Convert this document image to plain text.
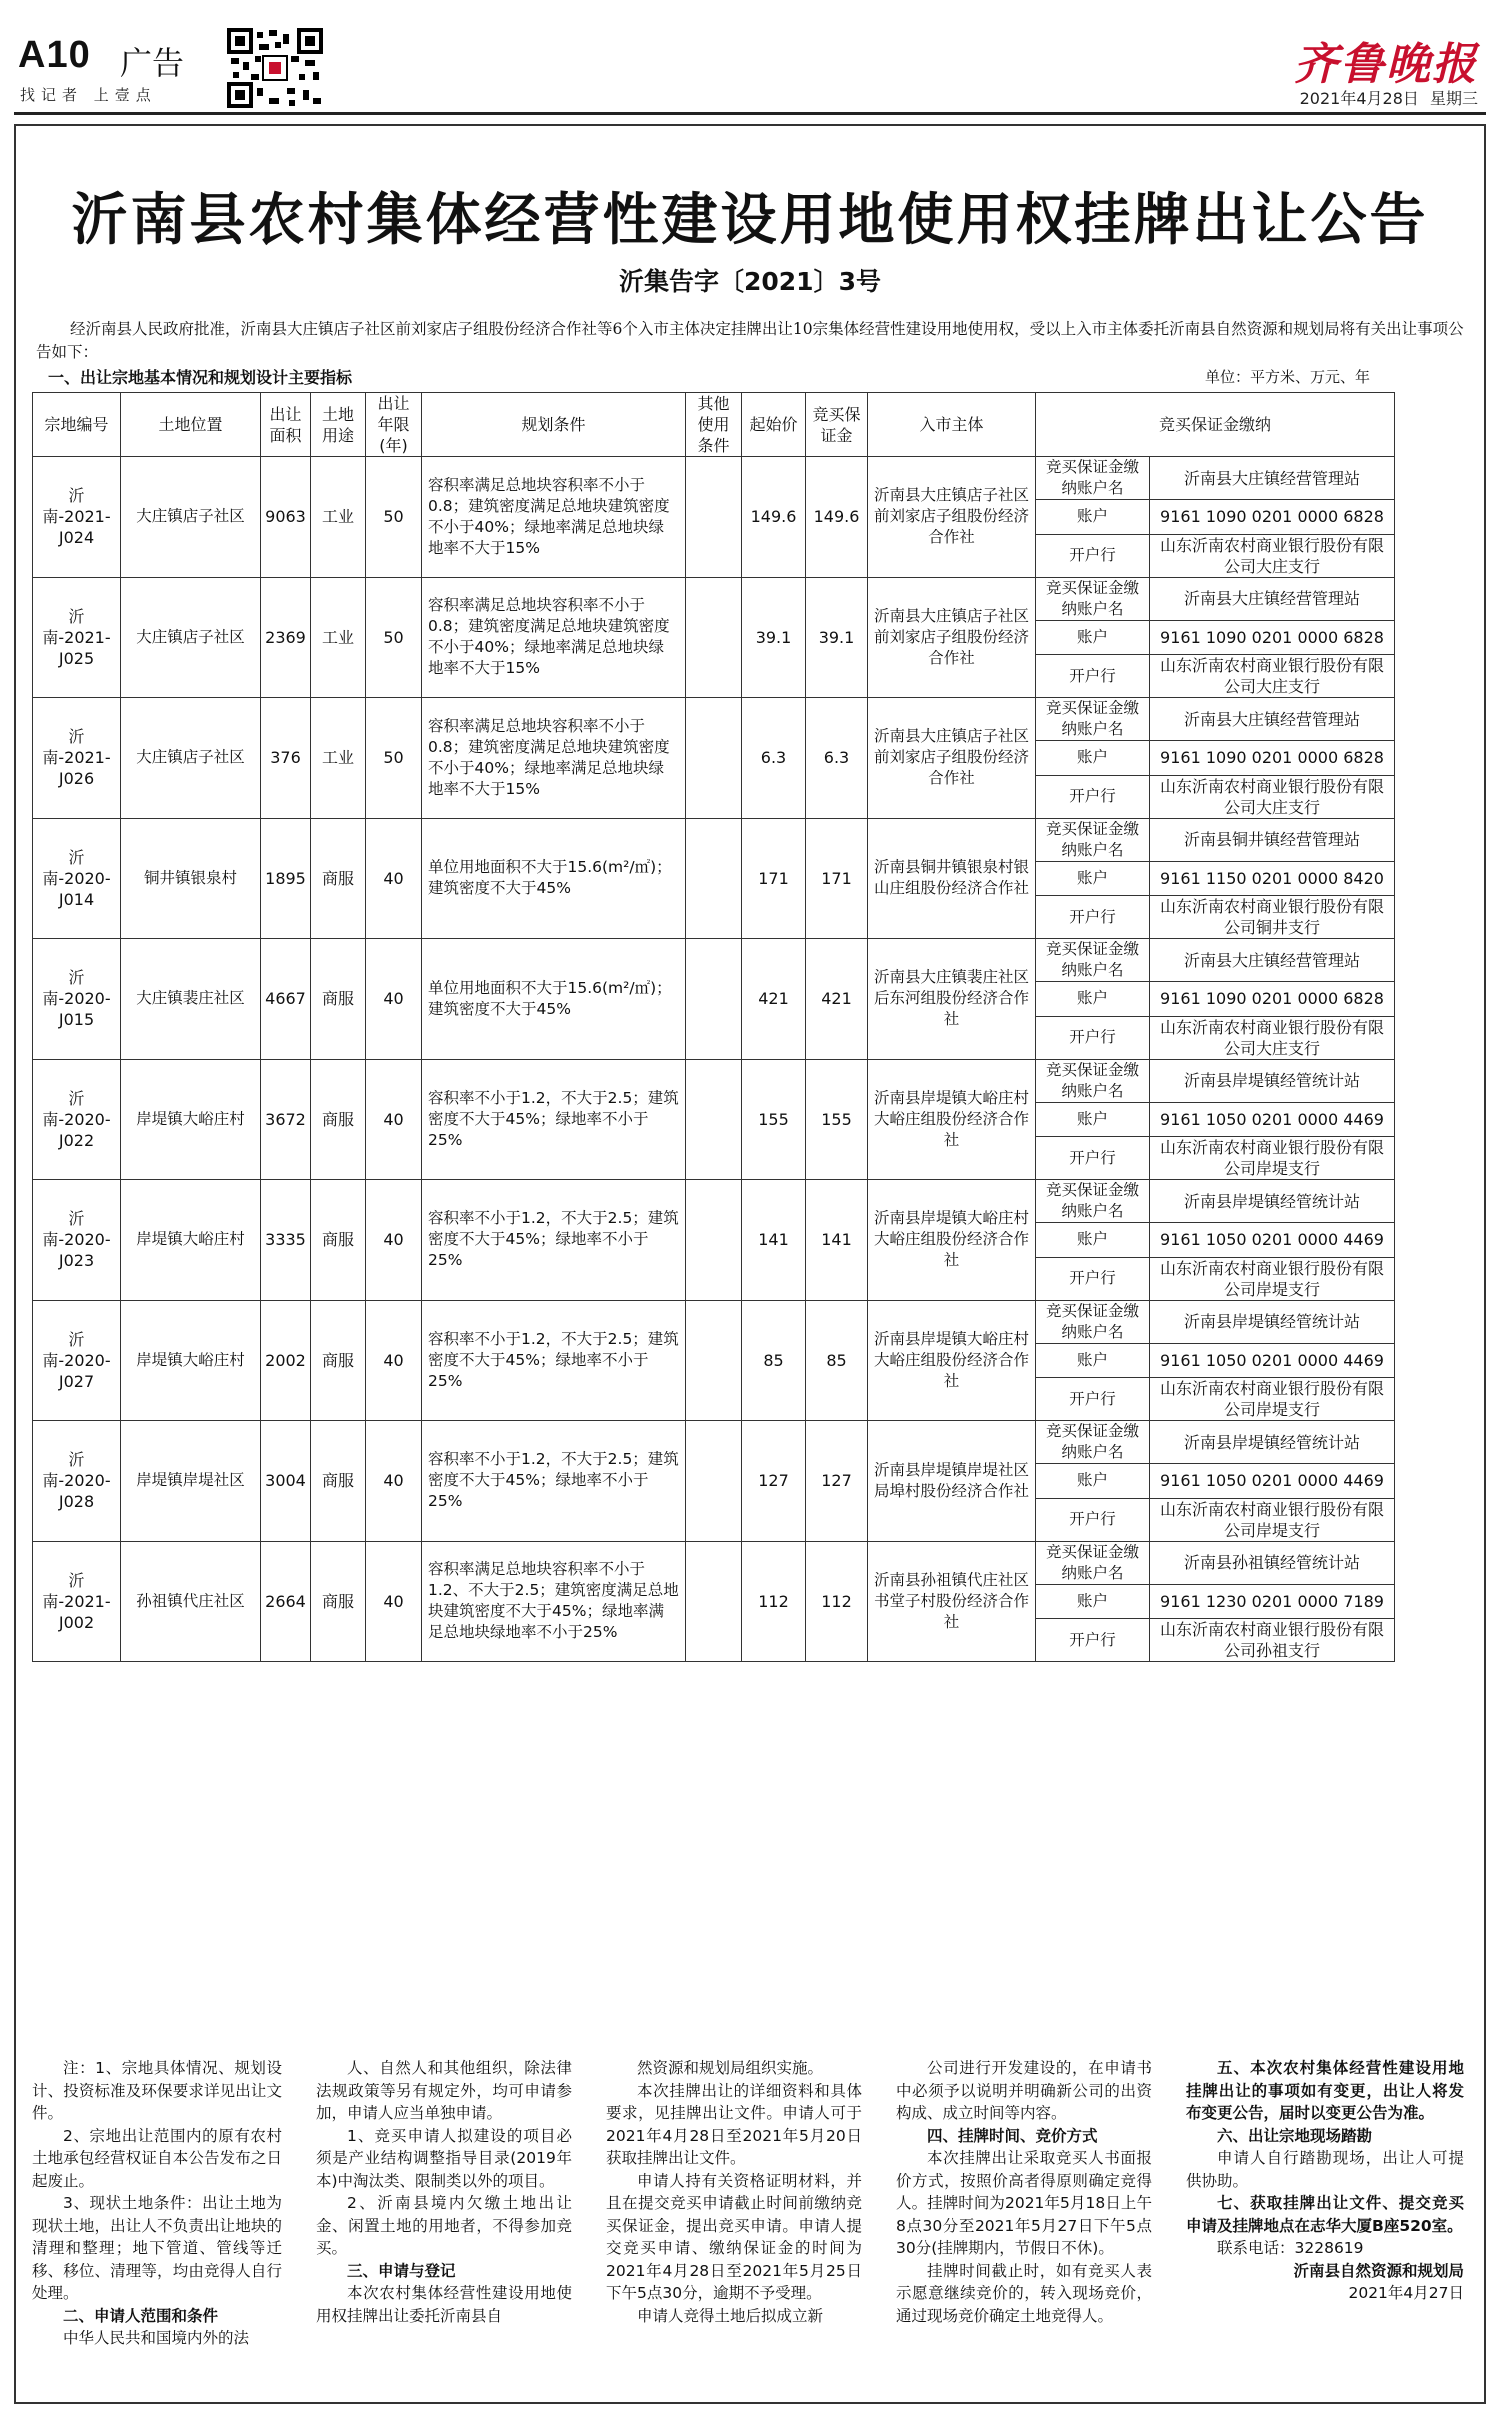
A10 广告
找记者 上壹点
齐鲁晚报
2021年4月28日 星期三
沂南县农村集体经营性建设用地使用权挂牌出让公告
沂集告字〔2021〕3号
经沂南县人民政府批准，沂南县大庄镇店子社区前刘家店子组股份经济合作社等6个入市主体决定挂牌出让10宗集体经营性建设用地使用权，受以上入市主体委托沂南县自然资源和规划局将有关出让事项公告如下：
一、出让宗地基本情况和规划设计主要指标	单位：平方米、万元、年
宗地编号	土地位置	出让面积	土地用途	出让年限(年)	规划条件	其他使用条件	起始价	竞买保证金	入市主体	竞买保证金缴纳	
沂南-2021-J024	大庄镇店子社区	9063	工业	50	容积率满足总地块容积率不小于0.8；建筑密度满足总地块建筑密度不小于40%；绿地率满足总地块绿地率不大于15%		149.6	149.6	沂南县大庄镇店子社区前刘家店子组股份经济合作社	竞买保证金缴纳账户名	沂南县大庄镇经营管理站
										账户	9161 1090 0201 0000 6828
										开户行	山东沂南农村商业银行股份有限公司大庄支行
沂南-2021-J025	大庄镇店子社区	2369	工业	50	容积率满足总地块容积率不小于0.8；建筑密度满足总地块建筑密度不小于40%；绿地率满足总地块绿地率不大于15%		39.1	39.1	沂南县大庄镇店子社区前刘家店子组股份经济合作社	竞买保证金缴纳账户名	沂南县大庄镇经营管理站
										账户	9161 1090 0201 0000 6828
										开户行	山东沂南农村商业银行股份有限公司大庄支行
沂南-2021-J026	大庄镇店子社区	376	工业	50	容积率满足总地块容积率不小于0.8；建筑密度满足总地块建筑密度不小于40%；绿地率满足总地块绿地率不大于15%		6.3	6.3	沂南县大庄镇店子社区前刘家店子组股份经济合作社	竞买保证金缴纳账户名	沂南县大庄镇经营管理站
										账户	9161 1090 0201 0000 6828
										开户行	山东沂南农村商业银行股份有限公司大庄支行
沂南-2020-J014	铜井镇银泉村	1895	商服	40	单位用地面积不大于15.6(m²/㎡)；建筑密度不大于45%		171	171	沂南县铜井镇银泉村银山庄组股份经济合作社	竞买保证金缴纳账户名	沂南县铜井镇经营管理站
										账户	9161 1150 0201 0000 8420
										开户行	山东沂南农村商业银行股份有限公司铜井支行
沂南-2020-J015	大庄镇裴庄社区	4667	商服	40	单位用地面积不大于15.6(m²/㎡)；建筑密度不大于45%		421	421	沂南县大庄镇裴庄社区后东河组股份经济合作社	竞买保证金缴纳账户名	沂南县大庄镇经营管理站
										账户	9161 1090 0201 0000 6828
										开户行	山东沂南农村商业银行股份有限公司大庄支行
沂南-2020-J022	岸堤镇大峪庄村	3672	商服	40	容积率不小于1.2，不大于2.5；建筑密度不大于45%；绿地率不小于25%		155	155	沂南县岸堤镇大峪庄村大峪庄组股份经济合作社	竞买保证金缴纳账户名	沂南县岸堤镇经管统计站
										账户	9161 1050 0201 0000 4469
										开户行	山东沂南农村商业银行股份有限公司岸堤支行
沂南-2020-J023	岸堤镇大峪庄村	3335	商服	40	容积率不小于1.2，不大于2.5；建筑密度不大于45%；绿地率不小于25%		141	141	沂南县岸堤镇大峪庄村大峪庄组股份经济合作社	竞买保证金缴纳账户名	沂南县岸堤镇经管统计站
										账户	9161 1050 0201 0000 4469
										开户行	山东沂南农村商业银行股份有限公司岸堤支行
沂南-2020-J027	岸堤镇大峪庄村	2002	商服	40	容积率不小于1.2，不大于2.5；建筑密度不大于45%；绿地率不小于25%		85	85	沂南县岸堤镇大峪庄村大峪庄组股份经济合作社	竞买保证金缴纳账户名	沂南县岸堤镇经管统计站
										账户	9161 1050 0201 0000 4469
										开户行	山东沂南农村商业银行股份有限公司岸堤支行
沂南-2020-J028	岸堤镇岸堤社区	3004	商服	40	容积率不小于1.2，不大于2.5；建筑密度不大于45%；绿地率不小于25%		127	127	沂南县岸堤镇岸堤社区局埠村股份经济合作社	竞买保证金缴纳账户名	沂南县岸堤镇经管统计站
										账户	9161 1050 0201 0000 4469
										开户行	山东沂南农村商业银行股份有限公司岸堤支行
沂南-2021-J002	孙祖镇代庄社区	2664	商服	40	容积率满足总地块容积率不小于1.2、不大于2.5；建筑密度满足总地块建筑密度不大于45%；绿地率满足总地块绿地率不小于25%		112	112	沂南县孙祖镇代庄社区书堂子村股份经济合作社	竞买保证金缴纳账户名	沂南县孙祖镇经管统计站
										账户	9161 1230 0201 0000 7189
										开户行	山东沂南农村商业银行股份有限公司孙祖支行

注：1、宗地具体情况、规划设计、投资标准及环保要求详见出让文件。

2、宗地出让范围内的原有农村土地承包经营权证自本公告发布之日起废止。

3、现状土地条件：出让土地为现状土地，出让人不负责出让地块的清理和整理；地下管道、管线等迁移、移位、清理等，均由竞得人自行处理。

二、申请人范围和条件

中华人民共和国境内外的法

人、自然人和其他组织，除法律法规政策等另有规定外，均可申请参加，申请人应当单独申请。

1、竞买申请人拟建设的项目必须是产业结构调整指导目录(2019年本)中淘汰类、限制类以外的项目。

2、沂南县境内欠缴土地出让金、闲置土地的用地者，不得参加竞买。

三、申请与登记

本次农村集体经营性建设用地使用权挂牌出让委托沂南县自

然资源和规划局组织实施。

本次挂牌出让的详细资料和具体要求，见挂牌出让文件。申请人可于2021年4月28日至2021年5月20日获取挂牌出让文件。

申请人持有关资格证明材料，并且在提交竞买申请截止时间前缴纳竞买保证金，提出竞买申请。申请人提交竞买申请、缴纳保证金的时间为2021年4月28日至2021年5月25日下午5点30分，逾期不予受理。

申请人竞得土地后拟成立新

公司进行开发建设的，在申请书中必须予以说明并明确新公司的出资构成、成立时间等内容。

四、挂牌时间、竞价方式

本次挂牌出让采取竞买人书面报价方式，按照价高者得原则确定竞得人。挂牌时间为2021年5月18日上午8点30分至2021年5月27日下午5点30分(挂牌期内，节假日不休)。

挂牌时间截止时，如有竞买人表示愿意继续竞价的，转入现场竞价，通过现场竞价确定土地竞得人。

五、本次农村集体经营性建设用地挂牌出让的事项如有变更，出让人将发布变更公告，届时以变更公告为准。

六、出让宗地现场踏勘

申请人自行踏勘现场，出让人可提供协助。

七、获取挂牌出让文件、提交竞买申请及挂牌地点在志华大厦B座520室。

联系电话：3228619

沂南县自然资源和规划局

2021年4月27日
